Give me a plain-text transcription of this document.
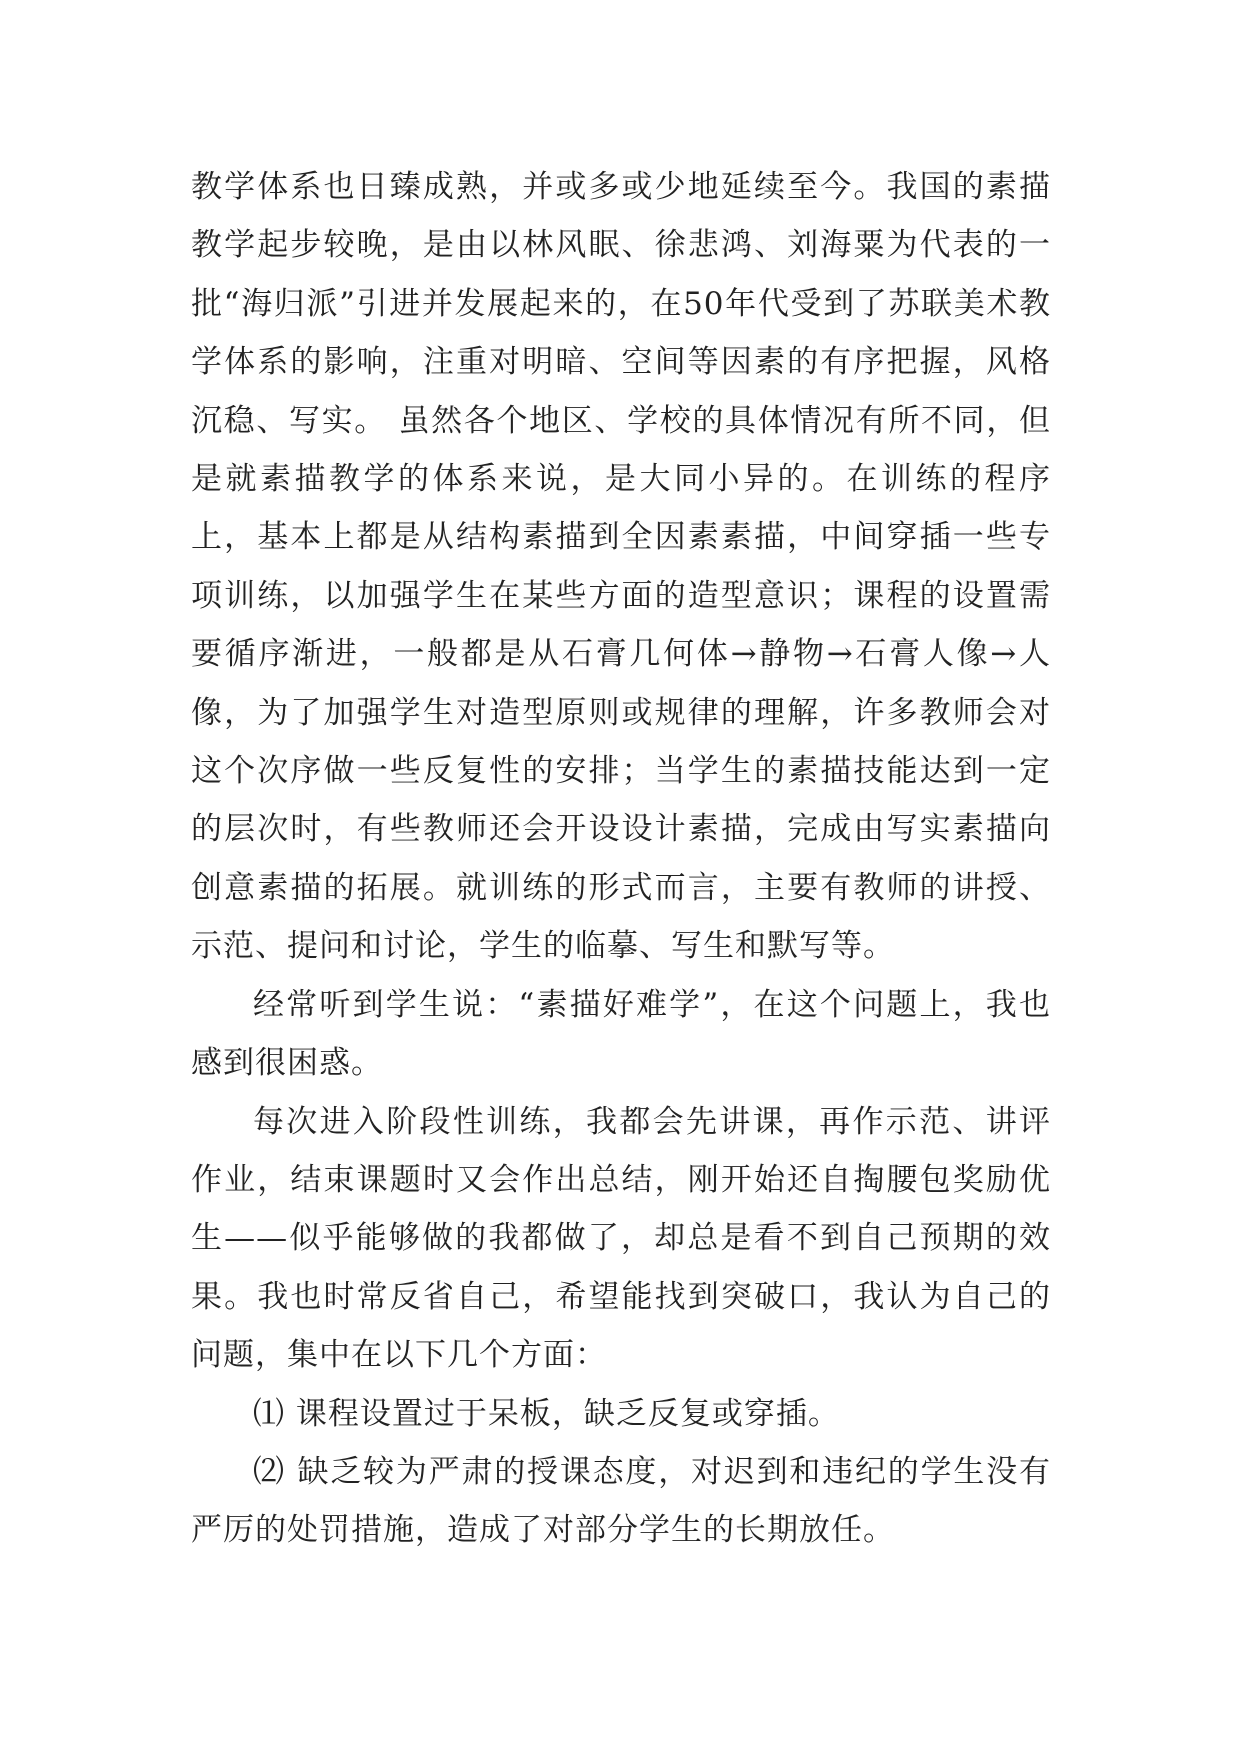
教学体系也日臻成熟，并或多或少地延续至今。我国的素描教学起步较晚，是由以林风眠、徐悲鸿、刘海粟为代表的一批“海归派”引进并发展起来的，在50年代受到了苏联美术教学体系的影响，注重对明暗、空间等因素的有序把握，风格沉稳、写实。 虽然各个地区、学校的具体情况有所不同，但是就素描教学的体系来说，是大同小异的。在训练的程序上，基本上都是从结构素描到全因素素描，中间穿插一些专项训练，以加强学生在某些方面的造型意识；课程的设置需要循序渐进，一般都是从石膏几何体→静物→石膏人像→人像，为了加强学生对造型原则或规律的理解，许多教师会对这个次序做一些反复性的安排；当学生的素描技能达到一定的层次时，有些教师还会开设设计素描，完成由写实素描向创意素描的拓展。就训练的形式而言，主要有教师的讲授、示范、提问和讨论，学生的临摹、写生和默写等。

经常听到学生说：“素描好难学”，在这个问题上，我也感到很困惑。

每次进入阶段性训练，我都会先讲课，再作示范、讲评作业，结束课题时又会作出总结，刚开始还自掏腰包奖励优生——似乎能够做的我都做了，却总是看不到自己预期的效果。我也时常反省自己，希望能找到突破口，我认为自己的问题，集中在以下几个方面：

⑴ 课程设置过于呆板，缺乏反复或穿插。

⑵ 缺乏较为严肃的授课态度，对迟到和违纪的学生没有严厉的处罚措施，造成了对部分学生的长期放任。
